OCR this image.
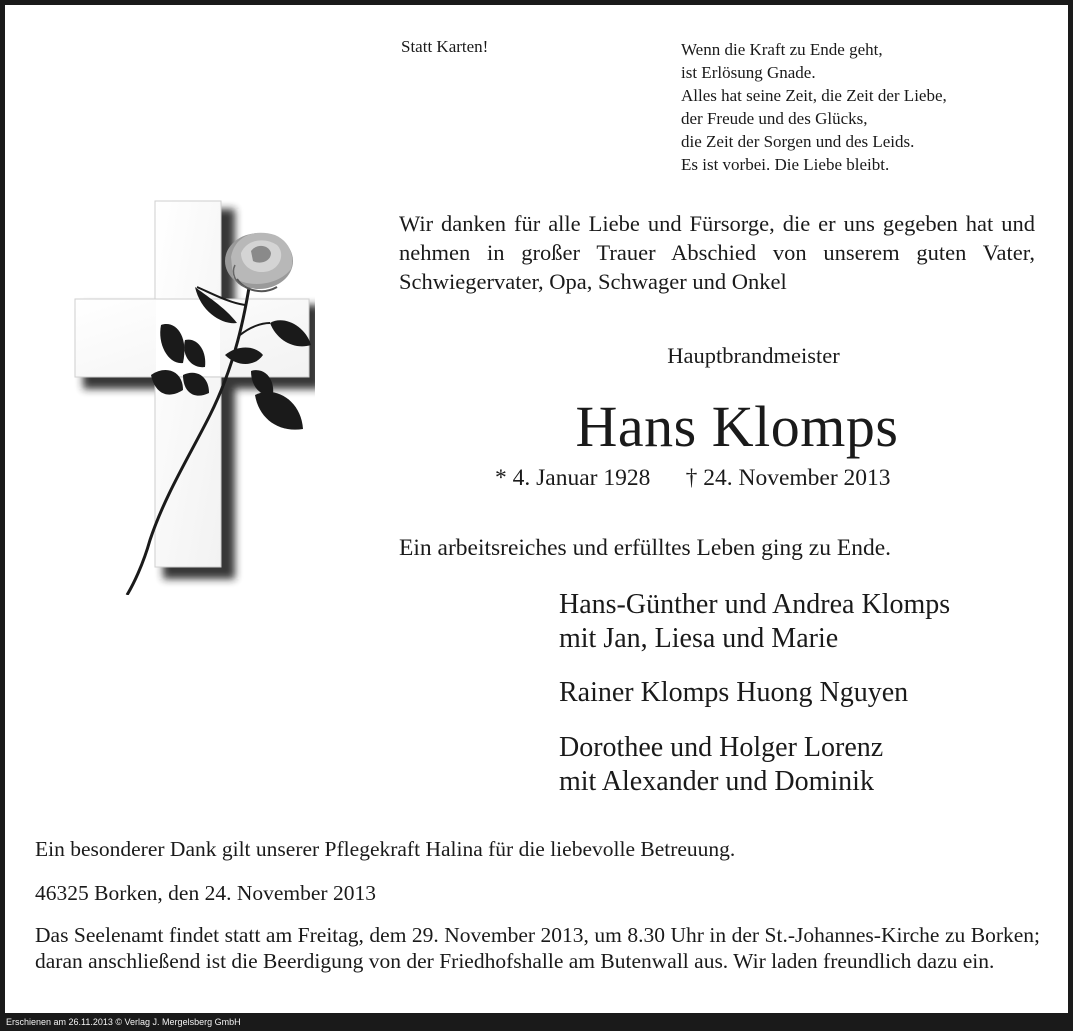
Statt Karten!	Wenn die Kraft zu Ende geht,
ist Erlösung Gnade.
Alles hat seine Zeit, die Zeit der Liebe,
der Freude und des Glücks,
die Zeit der Sorgen und des Leids.
Es ist vorbei. Die Liebe bleibt.
Wir danken für alle Liebe und Fürsorge, die er uns gegeben hat und nehmen in großer Trauer Abschied von unserem guten Vater, Schwiegervater, Opa, Schwager und Onkel
Hauptbrandmeister
Hans Klomps
* 4. Januar 1928 † 24. November 2013
Ein arbeitsreiches und erfülltes Leben ging zu Ende.
Hans-Günther und Andrea Klomps
mit Jan, Liesa und Marie
Rainer Klomps Huong Nguyen
Dorothee und Holger Lorenz
mit Alexander und Dominik
Ein besonderer Dank gilt unserer Pflegekraft Halina für die liebevolle Betreuung.
46325 Borken, den 24. November 2013
Das Seelenamt findet statt am Freitag, dem 29. November 2013, um 8.30 Uhr in der St.-Johannes-Kirche zu Borken; daran anschließend ist die Beerdigung von der Friedhofshalle am Butenwall aus. Wir laden freundlich dazu ein.
Erschienen am 26.11.2013 © Verlag J. Mergelsberg GmbH
